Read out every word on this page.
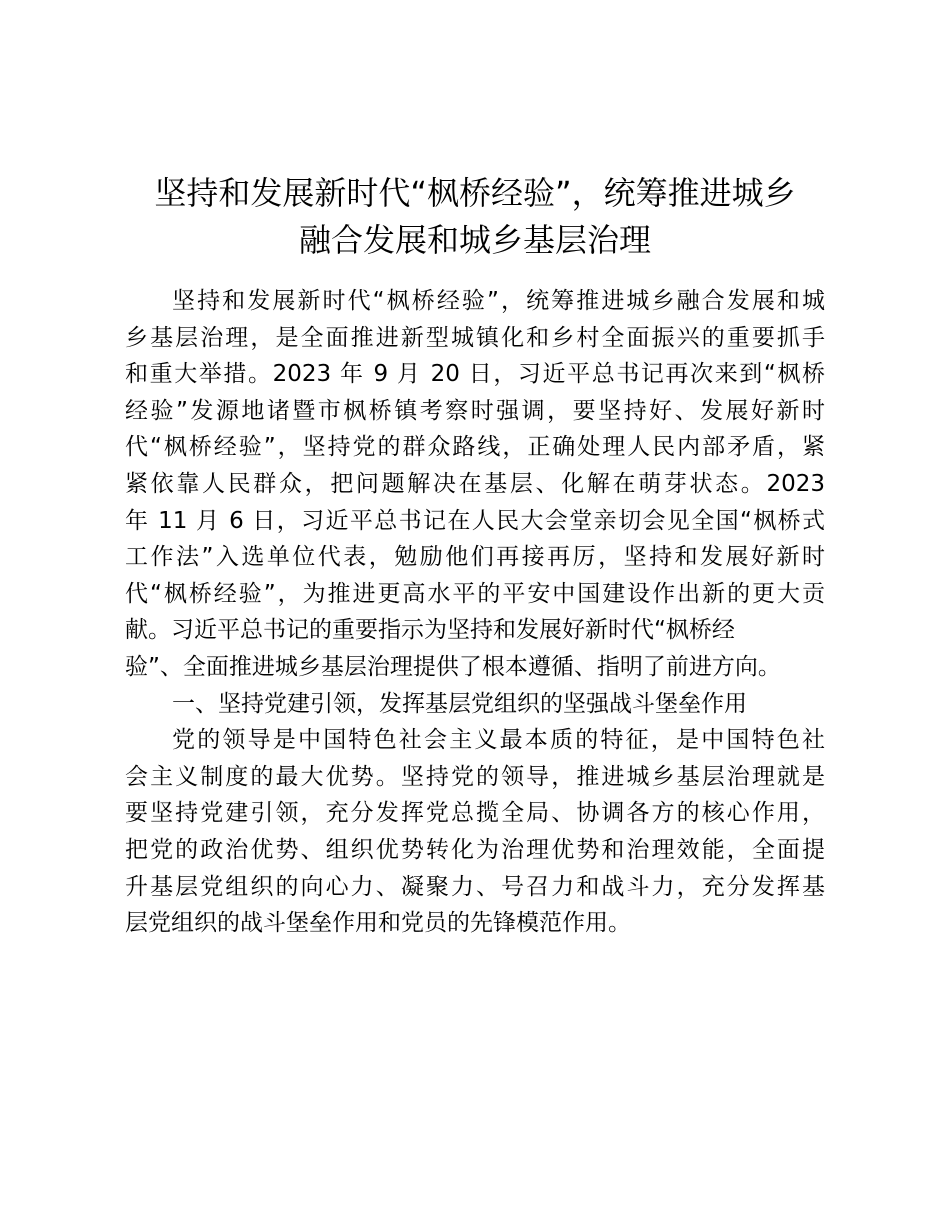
坚持和发展新时代“枫桥经验”，统筹推进城乡
融合发展和城乡基层治理

坚持和发展新时代“枫桥经验”，统筹推进城乡融合发展和城
乡基层治理，是全面推进新型城镇化和乡村全面振兴的重要抓手
和重大举措。2023 年 9 月 20 日，习近平总书记再次来到“枫桥
经验”发源地诸暨市枫桥镇考察时强调，要坚持好、发展好新时
代“枫桥经验”，坚持党的群众路线，正确处理人民内部矛盾，紧
紧依靠人民群众，把问题解决在基层、化解在萌芽状态。2023
年 11 月 6 日，习近平总书记在人民大会堂亲切会见全国“枫桥式
工作法”入选单位代表，勉励他们再接再厉，坚持和发展好新时
代“枫桥经验”，为推进更高水平的平安中国建设作出新的更大贡
献。习近平总书记的重要指示为坚持和发展好新时代“枫桥经
验”、全面推进城乡基层治理提供了根本遵循、指明了前进方向。

一、坚持党建引领，发挥基层党组织的坚强战斗堡垒作用

党的领导是中国特色社会主义最本质的特征，是中国特色社
会主义制度的最大优势。坚持党的领导，推进城乡基层治理就是
要坚持党建引领，充分发挥党总揽全局、协调各方的核心作用，
把党的政治优势、组织优势转化为治理优势和治理效能，全面提
升基层党组织的向心力、凝聚力、号召力和战斗力，充分发挥基
层党组织的战斗堡垒作用和党员的先锋模范作用。
